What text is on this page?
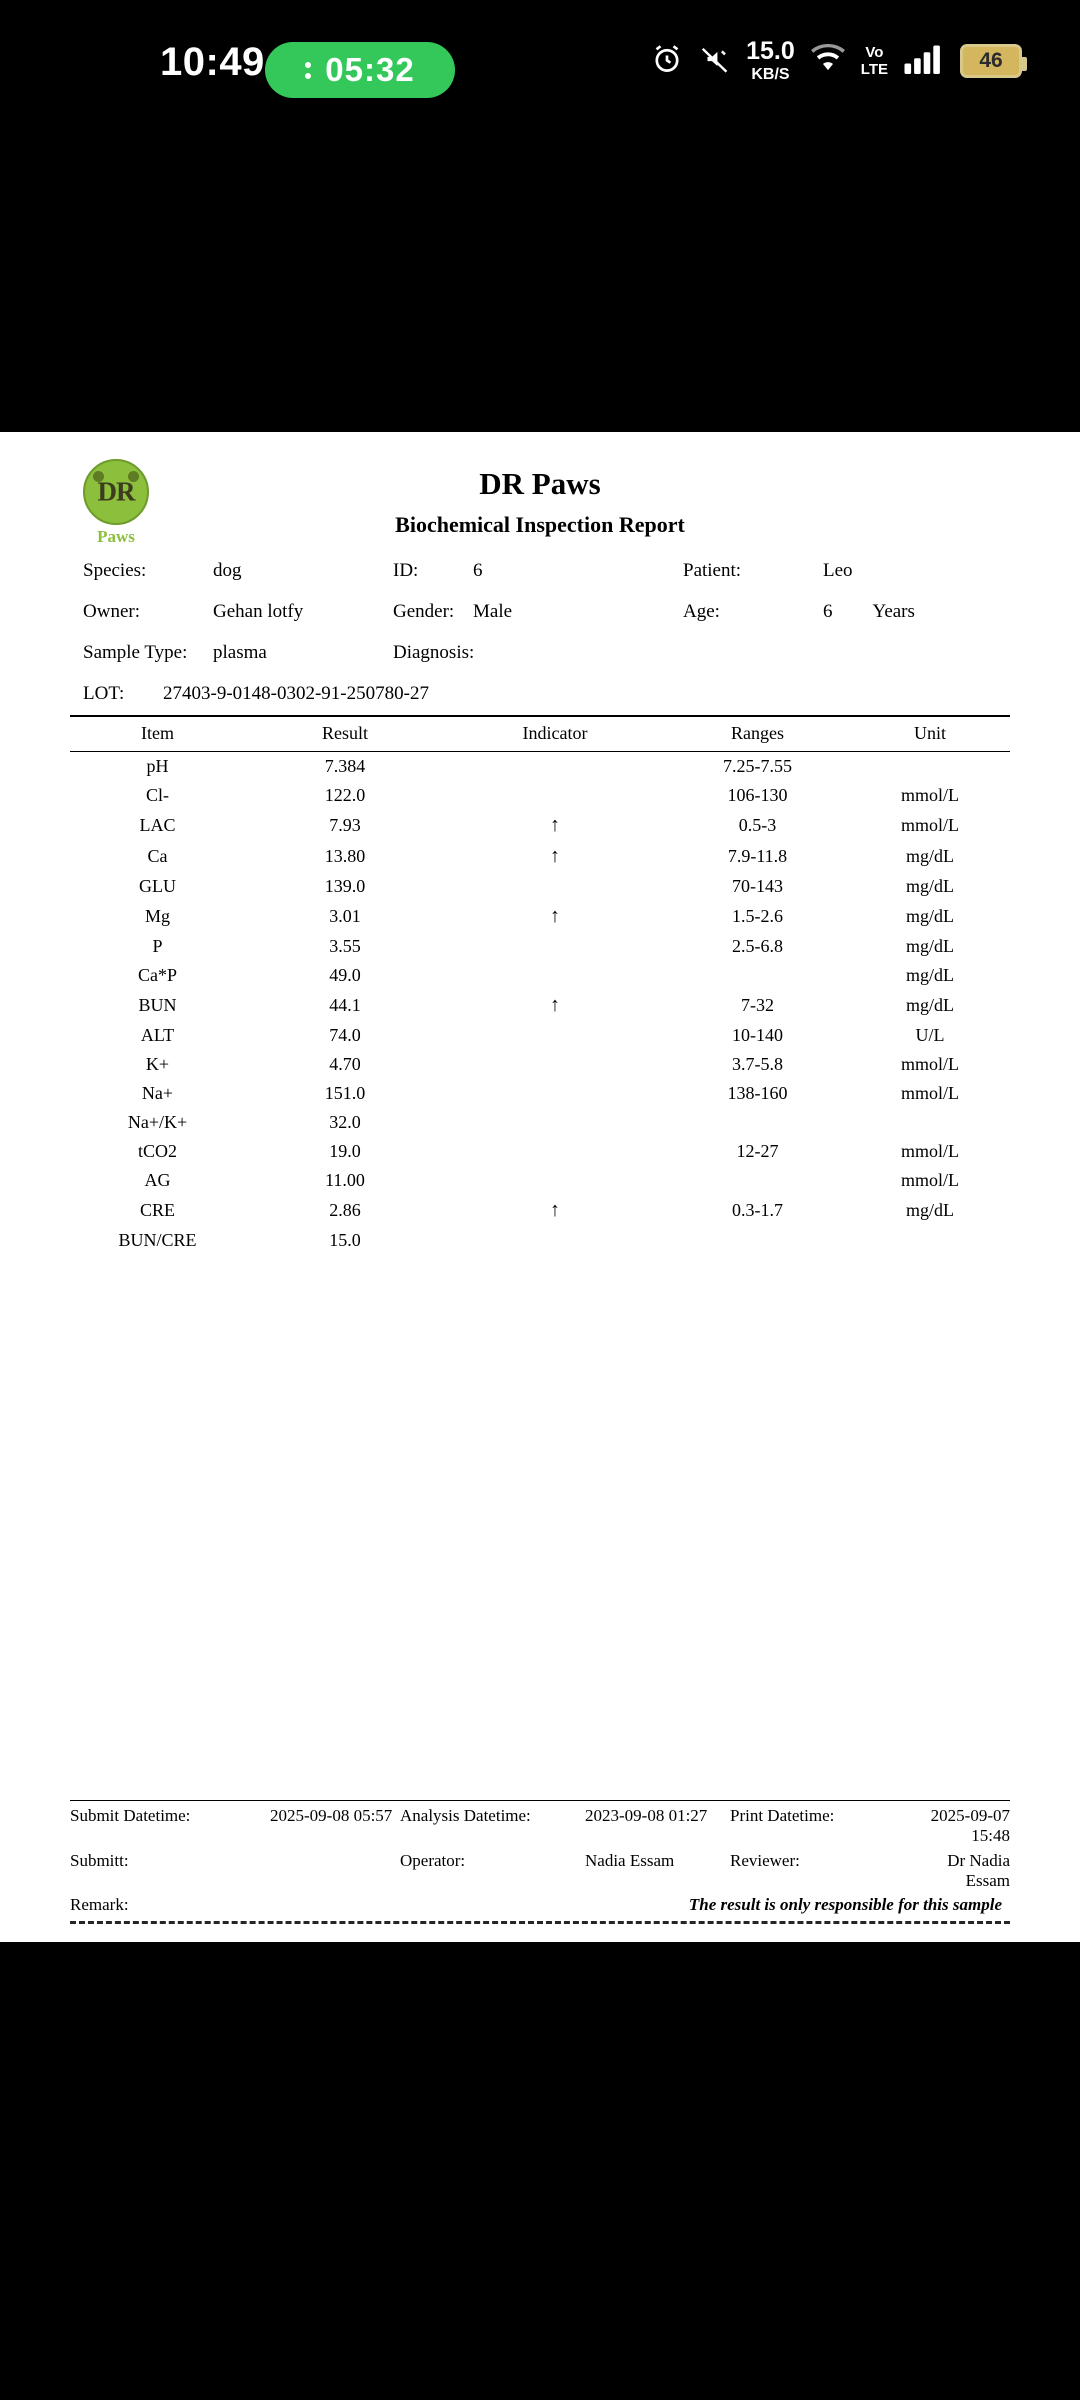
10:49 05:32	15.0
KB/S
Vo
LTE	46
DR
Paws
DR Paws
Biochemical Inspection Report
Species:	dog	ID:	6	Patient:	Leo
Owner:	Gehan lotfy	Gender: Male	Age:	6 Years
Sample Type:	plasma	Diagnosis:
LOT:	27403-9-0148-0302-91-250780-27
Item	Result	Indicator	Ranges	Unit
pH	7.384		7.25-7.55	
Cl-	122.0		106-130	mmol/L
LAC	7.93	↑	0.5-3	mmol/L
Ca	13.80	↑	7.9-11.8	mg/dL
GLU	139.0		70-143	mg/dL
Mg	3.01	↑	1.5-2.6	mg/dL
P	3.55		2.5-6.8	mg/dL
Ca*P	49.0			mg/dL
BUN	44.1	↑	7-32	mg/dL
ALT	74.0		10-140	U/L
K+	4.70		3.7-5.8	mmol/L
Na+	151.0		138-160	mmol/L
Na+/K+	32.0			
tCO2	19.0		12-27	mmol/L
AG	11.00			mmol/L
CRE	2.86	↑	0.3-1.7	mg/dL
BUN/CRE	15.0			
Submit Datetime:	2025-09-08 05:57 Analysis Datetime:	2023-09-08 01:27 Print Datetime:	2025-09-07 15:48
Submitt:	Operator:	Nadia Essam	Reviewer:	Dr Nadia Essam
Remark:	The result is only responsible for this sample
